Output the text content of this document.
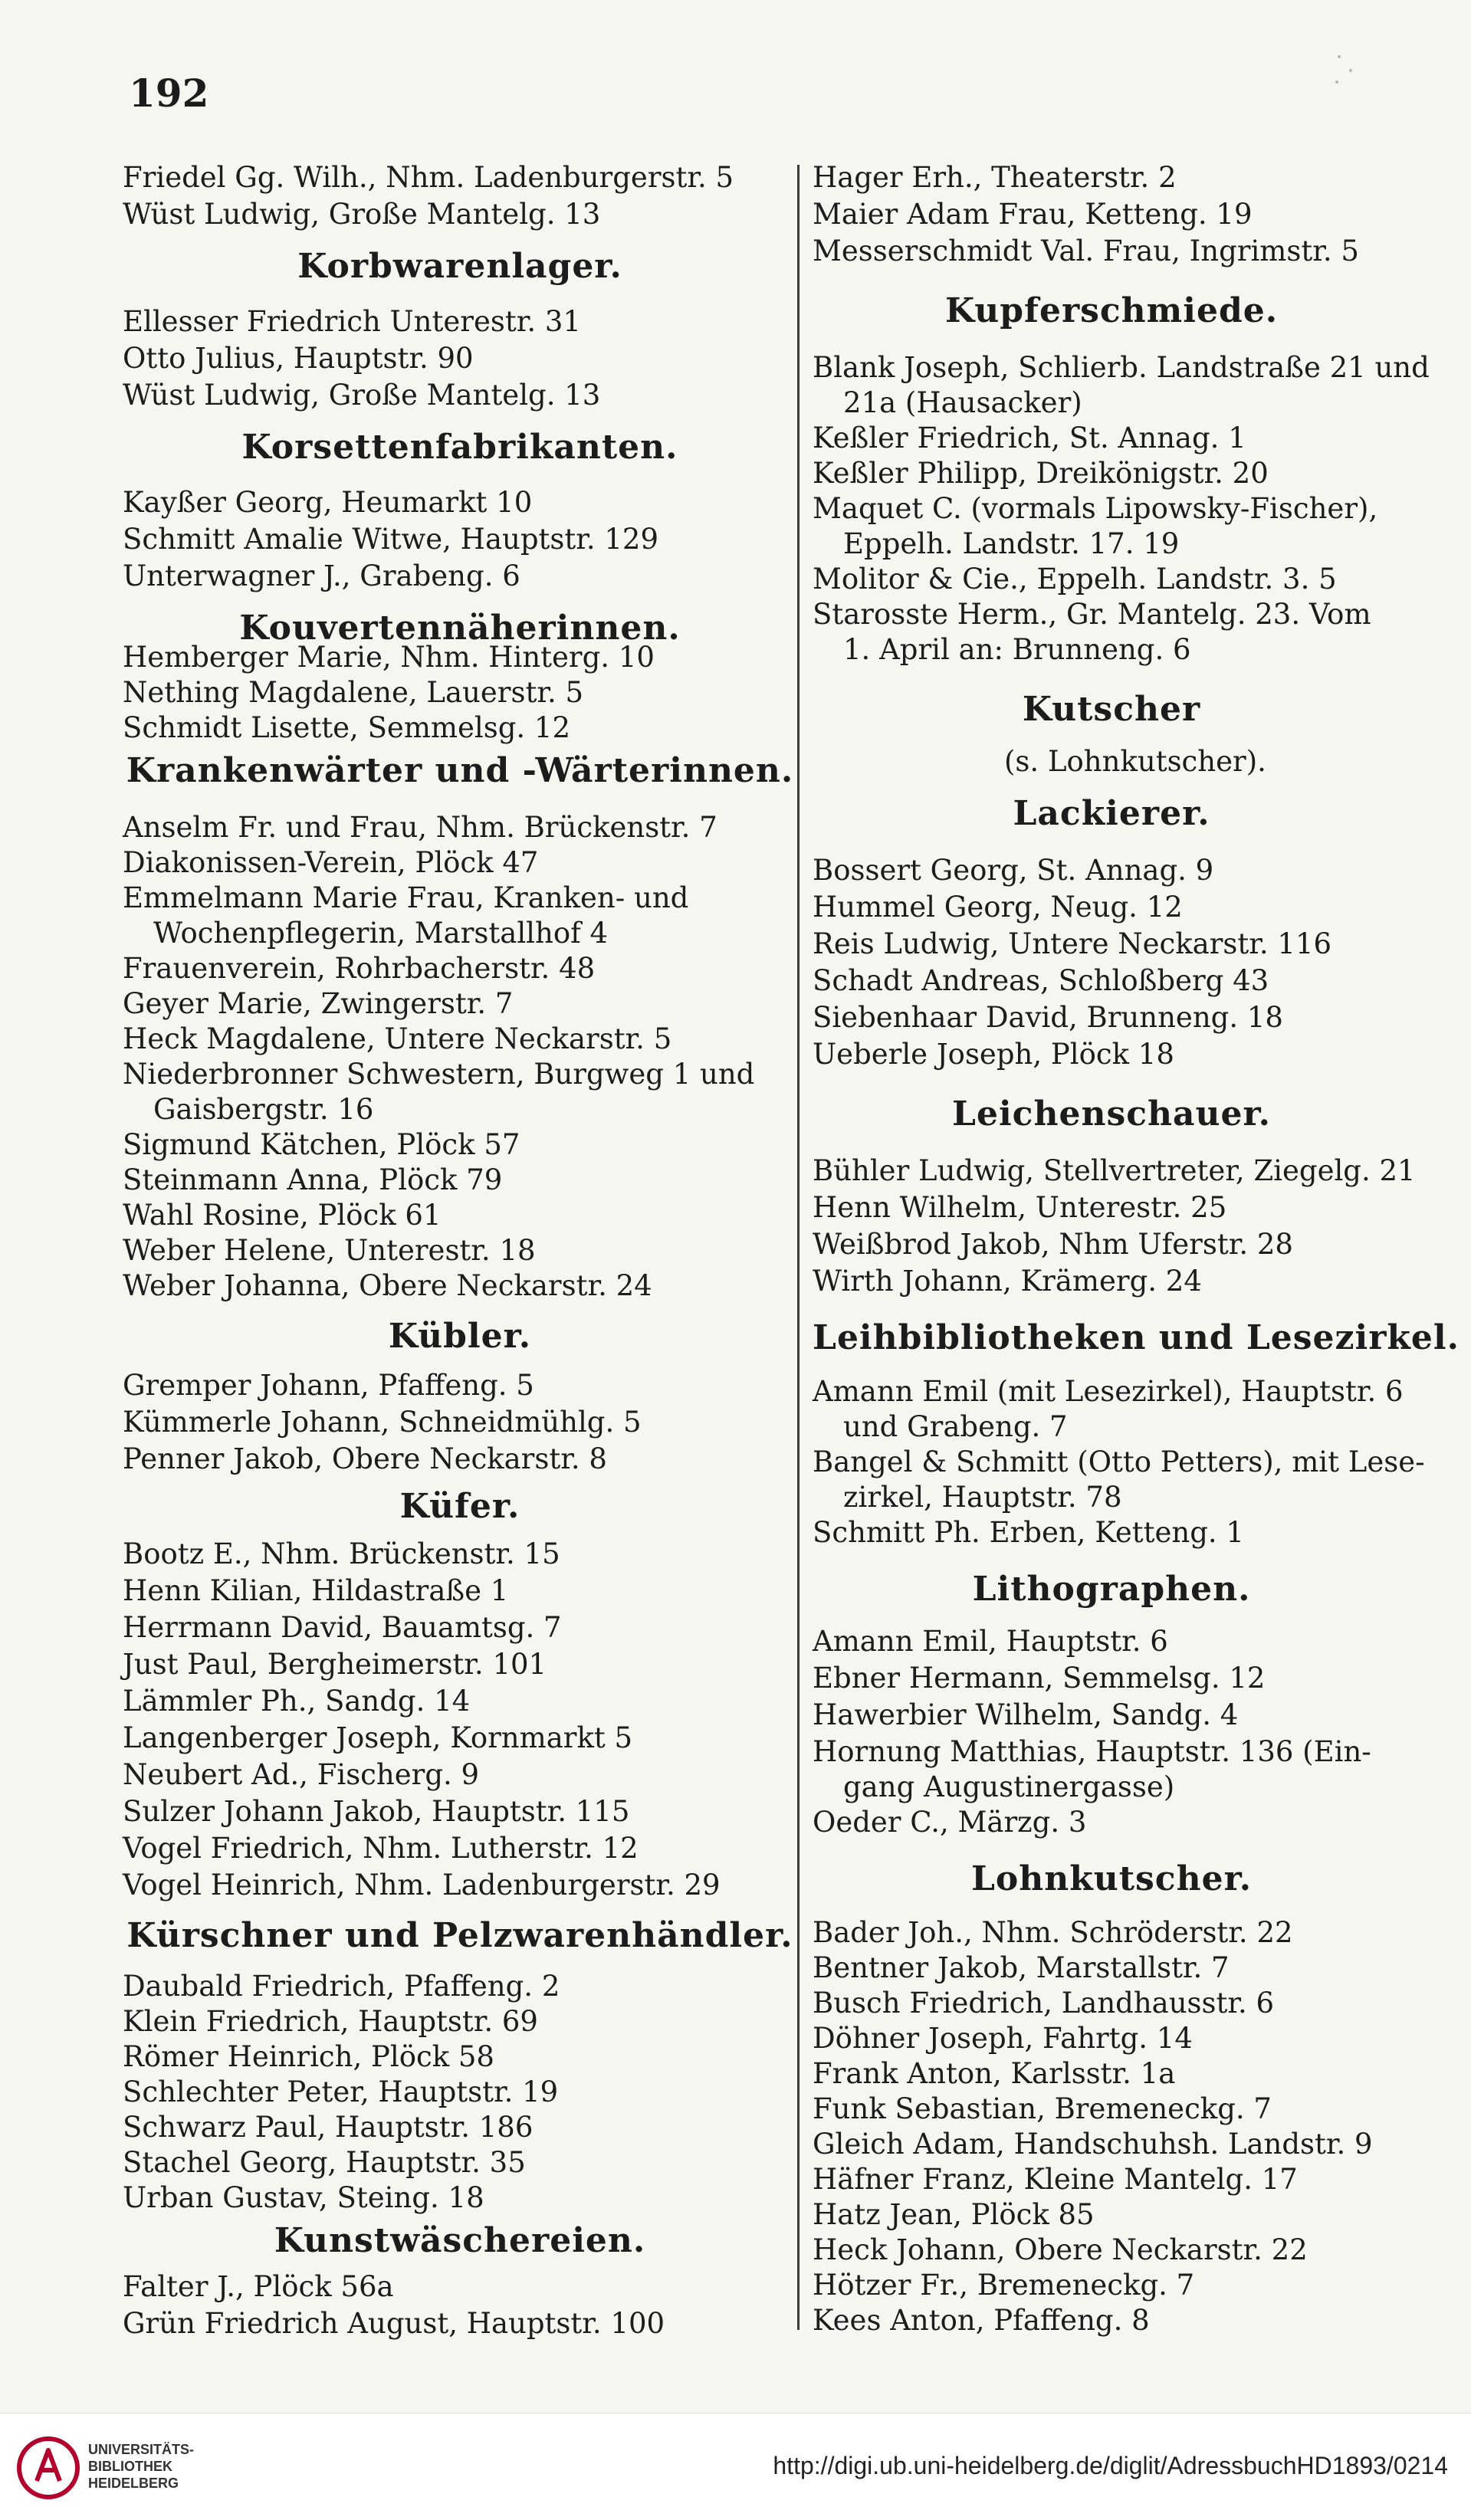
192
Friedel Gg. Wilh., Nhm. Ladenburgerstr. 5
Wüst Ludwig, Große Mantelg. 13
Korbwarenlager.
Ellesser Friedrich Unterestr. 31
Otto Julius, Hauptstr. 90
Wüst Ludwig, Große Mantelg. 13
Korsettenfabrikanten.
Kayßer Georg, Heumarkt 10
Schmitt Amalie Witwe, Hauptstr. 129
Unterwagner J., Grabeng. 6
Kouvertennäherinnen.
Hemberger Marie, Nhm. Hinterg. 10
Nething Magdalene, Lauerstr. 5
Schmidt Lisette, Semmelsg. 12
Krankenwärter und -Wärterinnen.
Anselm Fr. und Frau, Nhm. Brückenstr. 7
Diakonissen-Verein, Plöck 47
Emmelmann Marie Frau, Kranken- und
Wochenpflegerin, Marstallhof 4
Frauenverein, Rohrbacherstr. 48
Geyer Marie, Zwingerstr. 7
Heck Magdalene, Untere Neckarstr. 5
Niederbronner Schwestern, Burgweg 1 und
Gaisbergstr. 16
Sigmund Kätchen, Plöck 57
Steinmann Anna, Plöck 79
Wahl Rosine, Plöck 61
Weber Helene, Unterestr. 18
Weber Johanna, Obere Neckarstr. 24
Kübler.
Gremper Johann, Pfaffeng. 5
Kümmerle Johann, Schneidmühlg. 5
Penner Jakob, Obere Neckarstr. 8
Küfer.
Bootz E., Nhm. Brückenstr. 15
Henn Kilian, Hildastraße 1
Herrmann David, Bauamtsg. 7
Just Paul, Bergheimerstr. 101
Lämmler Ph., Sandg. 14
Langenberger Joseph, Kornmarkt 5
Neubert Ad., Fischerg. 9
Sulzer Johann Jakob, Hauptstr. 115
Vogel Friedrich, Nhm. Lutherstr. 12
Vogel Heinrich, Nhm. Ladenburgerstr. 29
Kürschner und Pelzwarenhändler.
Daubald Friedrich, Pfaffeng. 2
Klein Friedrich, Hauptstr. 69
Römer Heinrich, Plöck 58
Schlechter Peter, Hauptstr. 19
Schwarz Paul, Hauptstr. 186
Stachel Georg, Hauptstr. 35
Urban Gustav, Steing. 18
Kunstwäschereien.
Falter J., Plöck 56a
Grün Friedrich August, Hauptstr. 100
Hager Erh., Theaterstr. 2
Maier Adam Frau, Ketteng. 19
Messerschmidt Val. Frau, Ingrimstr. 5
Kupferschmiede.
Blank Joseph, Schlierb. Landstraße 21 und
21a (Hausacker)
Keßler Friedrich, St. Annag. 1
Keßler Philipp, Dreikönigstr. 20
Maquet C. (vormals Lipowsky-Fischer),
Eppelh. Landstr. 17. 19
Molitor & Cie., Eppelh. Landstr. 3. 5
Starosste Herm., Gr. Mantelg. 23. Vom
1. April an: Brunneng. 6
Kutscher
(s. Lohnkutscher).
Lackierer.
Bossert Georg, St. Annag. 9
Hummel Georg, Neug. 12
Reis Ludwig, Untere Neckarstr. 116
Schadt Andreas, Schloßberg 43
Siebenhaar David, Brunneng. 18
Ueberle Joseph, Plöck 18
Leichenschauer.
Bühler Ludwig, Stellvertreter, Ziegelg. 21
Henn Wilhelm, Unterestr. 25
Weißbrod Jakob, Nhm Uferstr. 28
Wirth Johann, Krämerg. 24
Leihbibliotheken und Lesezirkel.
Amann Emil (mit Lesezirkel), Hauptstr. 6
und Grabeng. 7
Bangel & Schmitt (Otto Petters), mit Lese-
zirkel, Hauptstr. 78
Schmitt Ph. Erben, Ketteng. 1
Lithographen.
Amann Emil, Hauptstr. 6
Ebner Hermann, Semmelsg. 12
Hawerbier Wilhelm, Sandg. 4
Hornung Matthias, Hauptstr. 136 (Ein-
gang Augustinergasse)
Oeder C., Märzg. 3
Lohnkutscher.
Bader Joh., Nhm. Schröderstr. 22
Bentner Jakob, Marstallstr. 7
Busch Friedrich, Landhausstr. 6
Döhner Joseph, Fahrtg. 14
Frank Anton, Karlsstr. 1a
Funk Sebastian, Bremeneckg. 7
Gleich Adam, Handschuhsh. Landstr. 9
Häfner Franz, Kleine Mantelg. 17
Hatz Jean, Plöck 85
Heck Johann, Obere Neckarstr. 22
Hötzer Fr., Bremeneckg. 7
Kees Anton, Pfaffeng. 8
UNIVERSITÄTS-
BIBLIOTHEK
HEIDELBERG
http://digi.ub.uni-heidelberg.de/diglit/AdressbuchHD1893/0214
